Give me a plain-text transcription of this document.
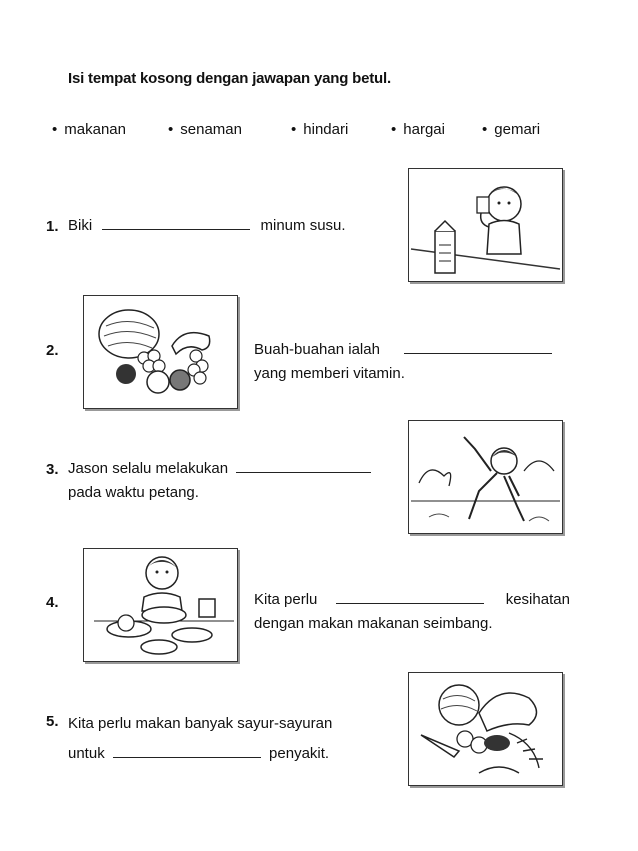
Isi tempat kosong dengan jawapan yang betul.
• makanan	• senaman	• hindari	• hargai • gemari
1. Biki	minum susu.
2.	Buah-buahan ialah
yang memberi vitamin.
3. Jason selalu melakukan
pada waktu petang.
4.	Kita perlu	kesihatan
dengan makan makanan seimbang.
5. Kita perlu makan banyak sayur-sayuran
untuk	penyakit.
